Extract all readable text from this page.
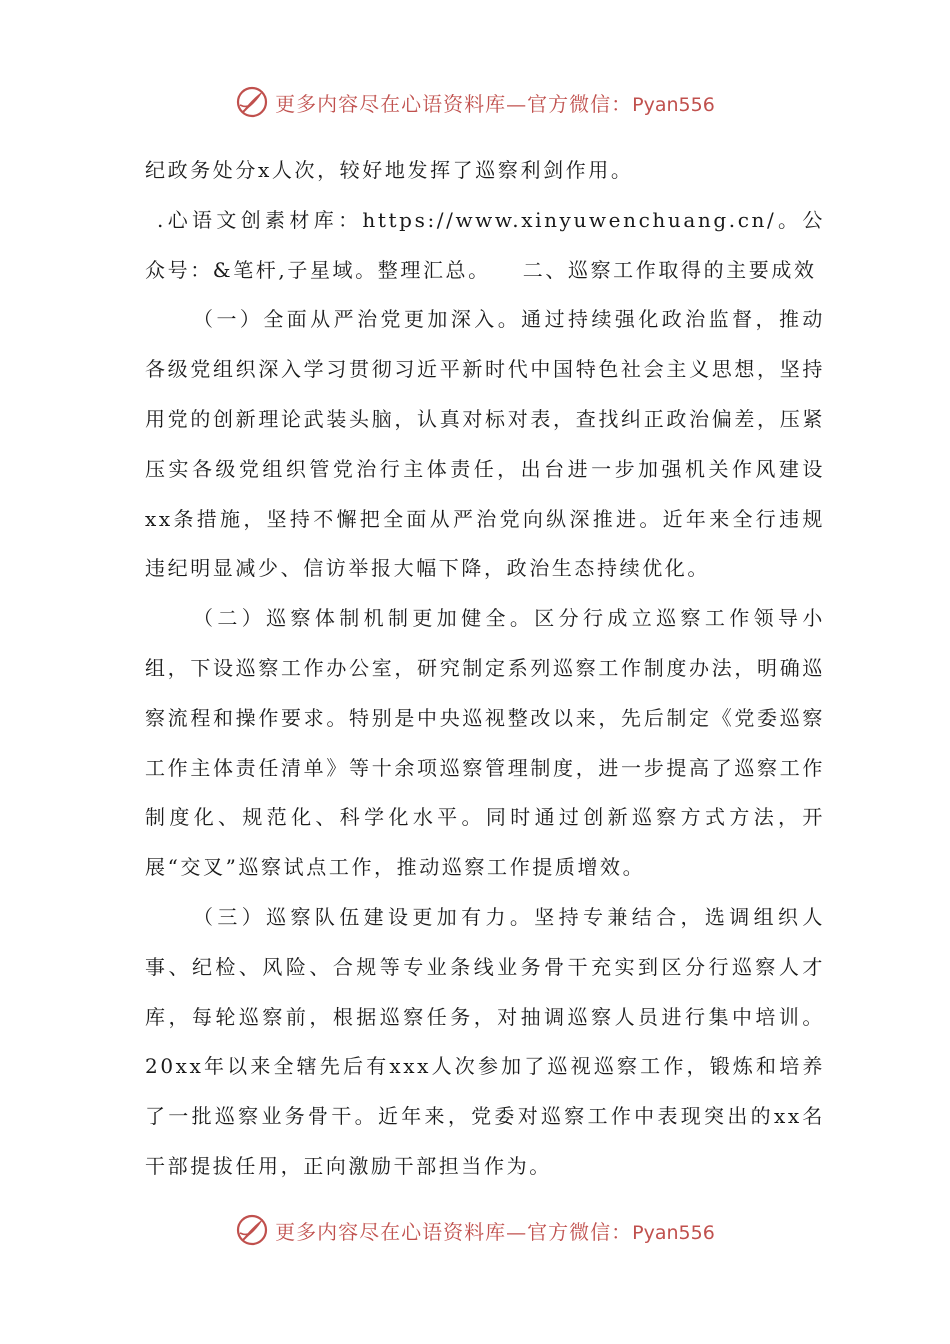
更多内容尽在心语资料库—官方微信：Pyan556

纪政务处分x人次，较好地发挥了巡察利剑作用。

.心语文创素材库：https://www.xinyuwenchuang.cn/。公众号：&笔杆,子星域。整理汇总。 二、巡察工作取得的主要成效

（一）全面从严治党更加深入。通过持续强化政治监督，推动各级党组织深入学习贯彻习近平新时代中国特色社会主义思想，坚持用党的创新理论武装头脑，认真对标对表，查找纠正政治偏差，压紧压实各级党组织管党治行主体责任，出台进一步加强机关作风建设xx条措施，坚持不懈把全面从严治党向纵深推进。近年来全行违规违纪明显减少、信访举报大幅下降，政治生态持续优化。

（二）巡察体制机制更加健全。区分行成立巡察工作领导小组，下设巡察工作办公室，研究制定系列巡察工作制度办法，明确巡察流程和操作要求。特别是中央巡视整改以来，先后制定《党委巡察工作主体责任清单》等十余项巡察管理制度，进一步提高了巡察工作制度化、规范化、科学化水平。同时通过创新巡察方式方法，开展“交叉”巡察试点工作，推动巡察工作提质增效。

（三）巡察队伍建设更加有力。坚持专兼结合，选调组织人事、纪检、风险、合规等专业条线业务骨干充实到区分行巡察人才库，每轮巡察前，根据巡察任务，对抽调巡察人员进行集中培训。20xx年以来全辖先后有xxx人次参加了巡视巡察工作，锻炼和培养了一批巡察业务骨干。近年来，党委对巡察工作中表现突出的xx名干部提拔任用，正向激励干部担当作为。

更多内容尽在心语资料库—官方微信：Pyan556
